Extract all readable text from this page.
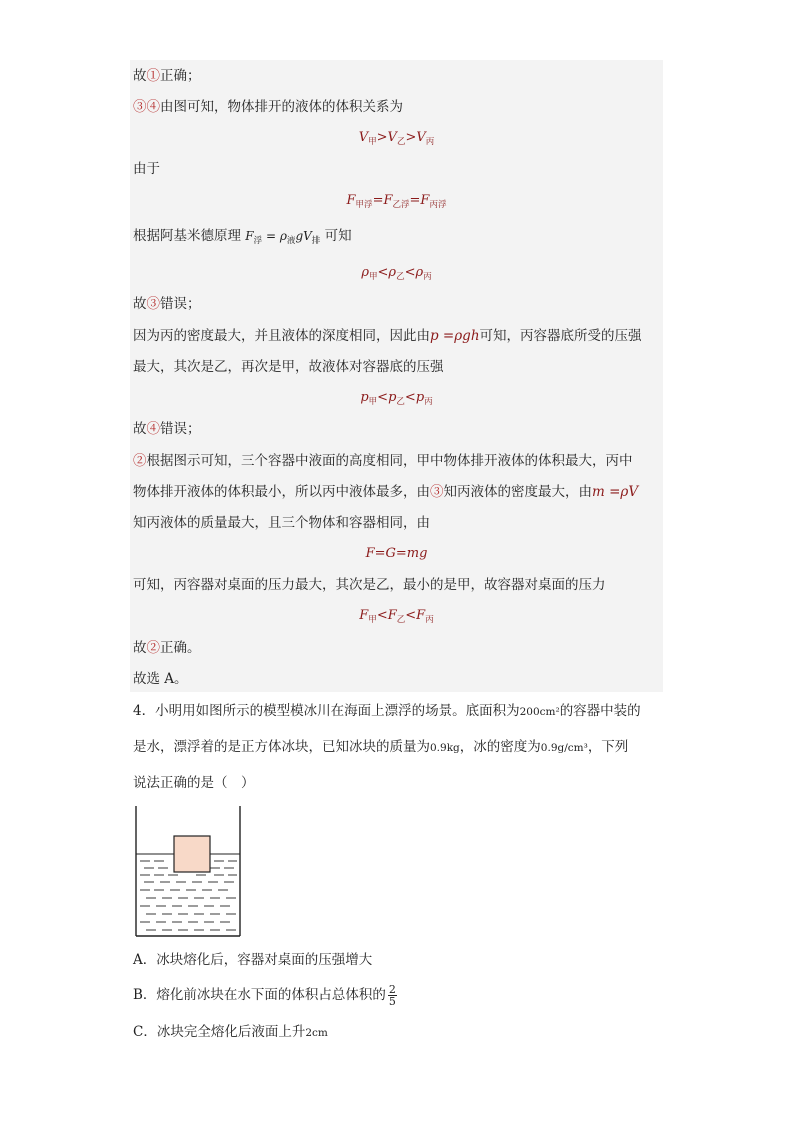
故①正确；
③④由图可知，物体排开的液体的体积关系为
$V_甲>V_乙>V_丙$
由于
$F_{甲浮}=F_{乙浮}=F_{丙浮}$
根据阿基米德原理 $F_浮 = \rho_液gV_排$ 可知
$\rho_甲<\rho_乙<\rho_丙$
故③错误；
因为丙的密度最大，并且液体的深度相同，因此由p =ρgh可知，丙容器底所受的压强
最大，其次是乙，再次是甲，故液体对容器底的压强
$p_甲<p_乙<p_丙$
故④错误；
②根据图示可知，三个容器中液面的高度相同，甲中物体排开液体的体积最大，丙中
物体排开液体的体积最小，所以丙中液体最多，由③知丙液体的密度最大，由m =ρV
知丙液体的质量最大，且三个物体和容器相同，由
F=G=mg
可知，丙容器对桌面的压力最大，其次是乙，最小的是甲，故容器对桌面的压力
$F_甲<F_乙<F_丙$
故②正确。
故选 A。
4．小明用如图所示的模型模冰川在海面上漂浮的场景。底面积为200cm²的容器中装的
是水，漂浮着的是正方体冰块，已知冰块的质量为0.9kg，冰的密度为0.9g/cm³，下列
说法正确的是（　）
A．冰块熔化后，容器对桌面的压强增大
B．熔化前冰块在水下面的体积占总体积的 $\frac{2}{5}$
C．冰块完全熔化后液面上升2cm
